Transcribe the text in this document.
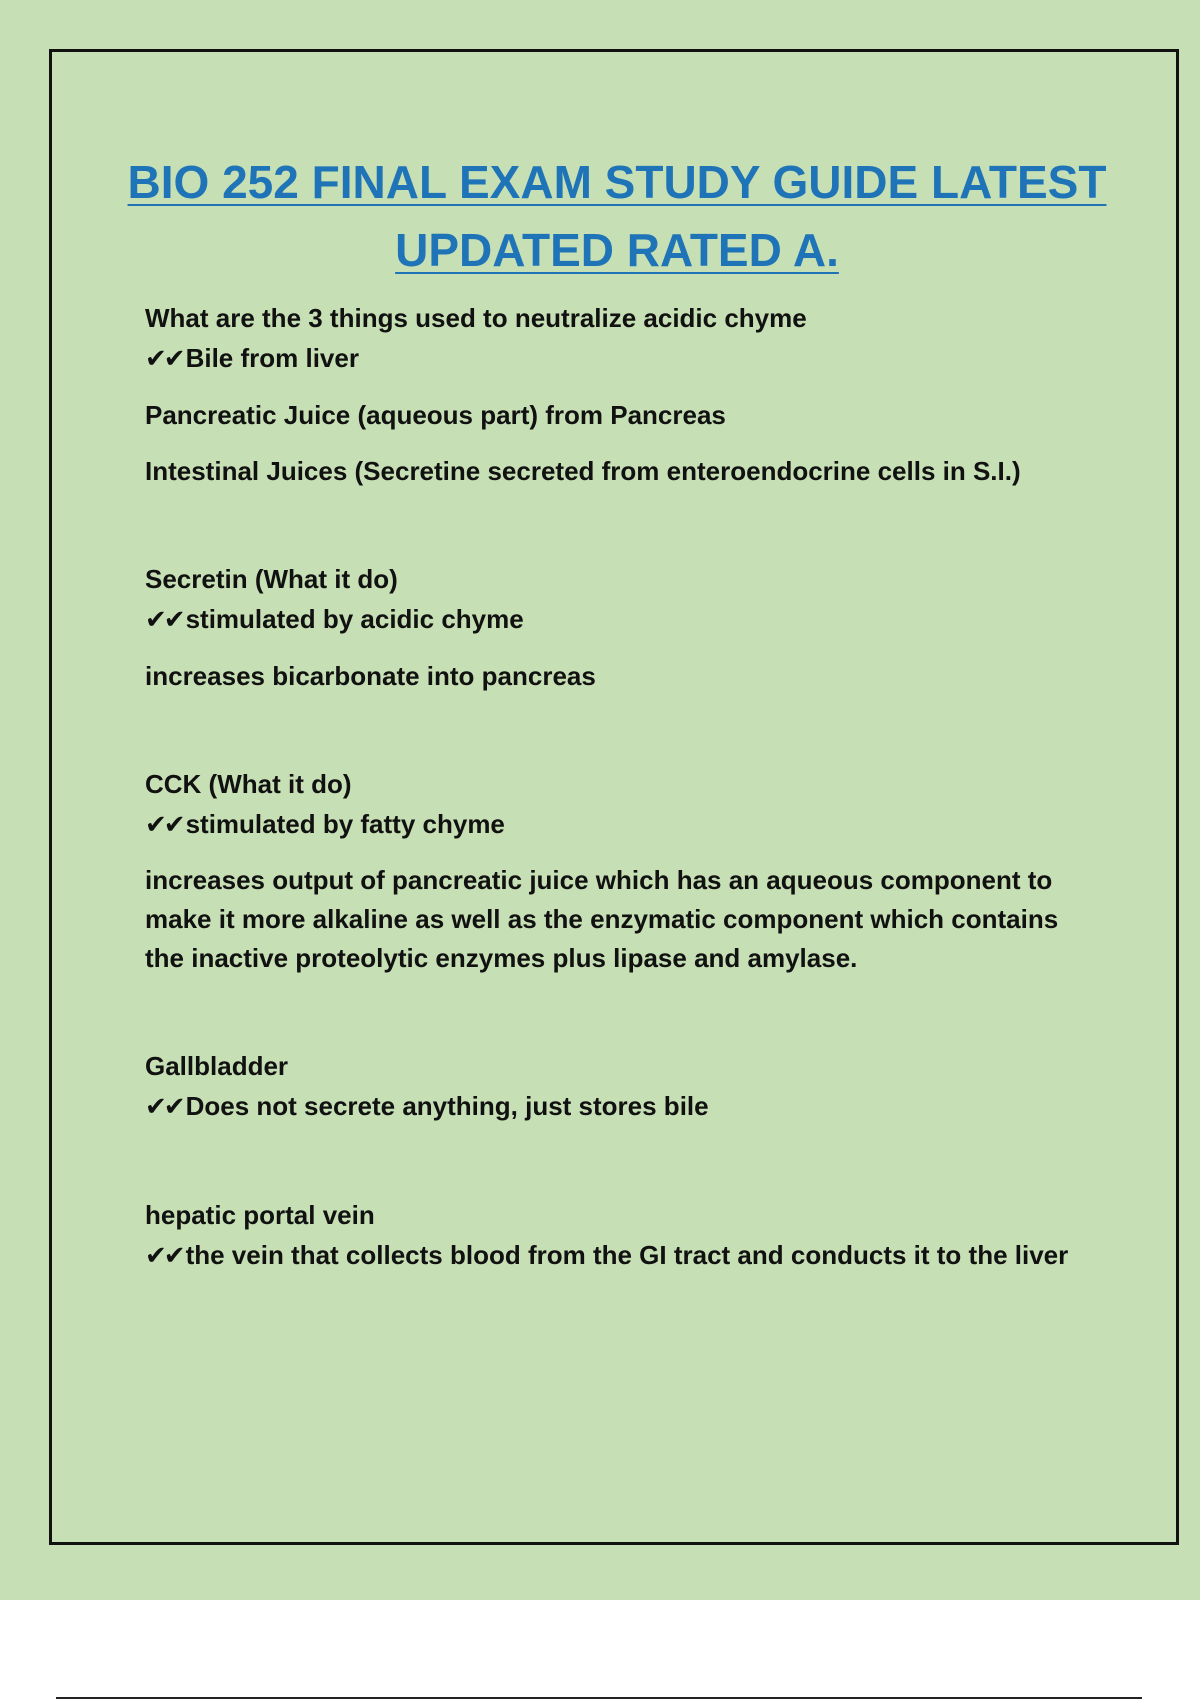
BIO 252 FINAL EXAM STUDY GUIDE LATEST
UPDATED RATED A.
What are the 3 things used to neutralize acidic chyme
✔✔ Bile from liver
Pancreatic Juice (aqueous part) from Pancreas
Intestinal Juices (Secretine secreted from enteroendocrine cells in S.I.)
Secretin (What it do)
✔✔ stimulated by acidic chyme
increases bicarbonate into pancreas
CCK (What it do)
✔✔ stimulated by fatty chyme
increases output of pancreatic juice which has an aqueous component to make it more alkaline as well as the enzymatic component which contains the inactive proteolytic enzymes plus lipase and amylase.
Gallbladder
✔✔ Does not secrete anything, just stores bile
hepatic portal vein
✔✔ the vein that collects blood from the GI tract and conducts it to the liver
